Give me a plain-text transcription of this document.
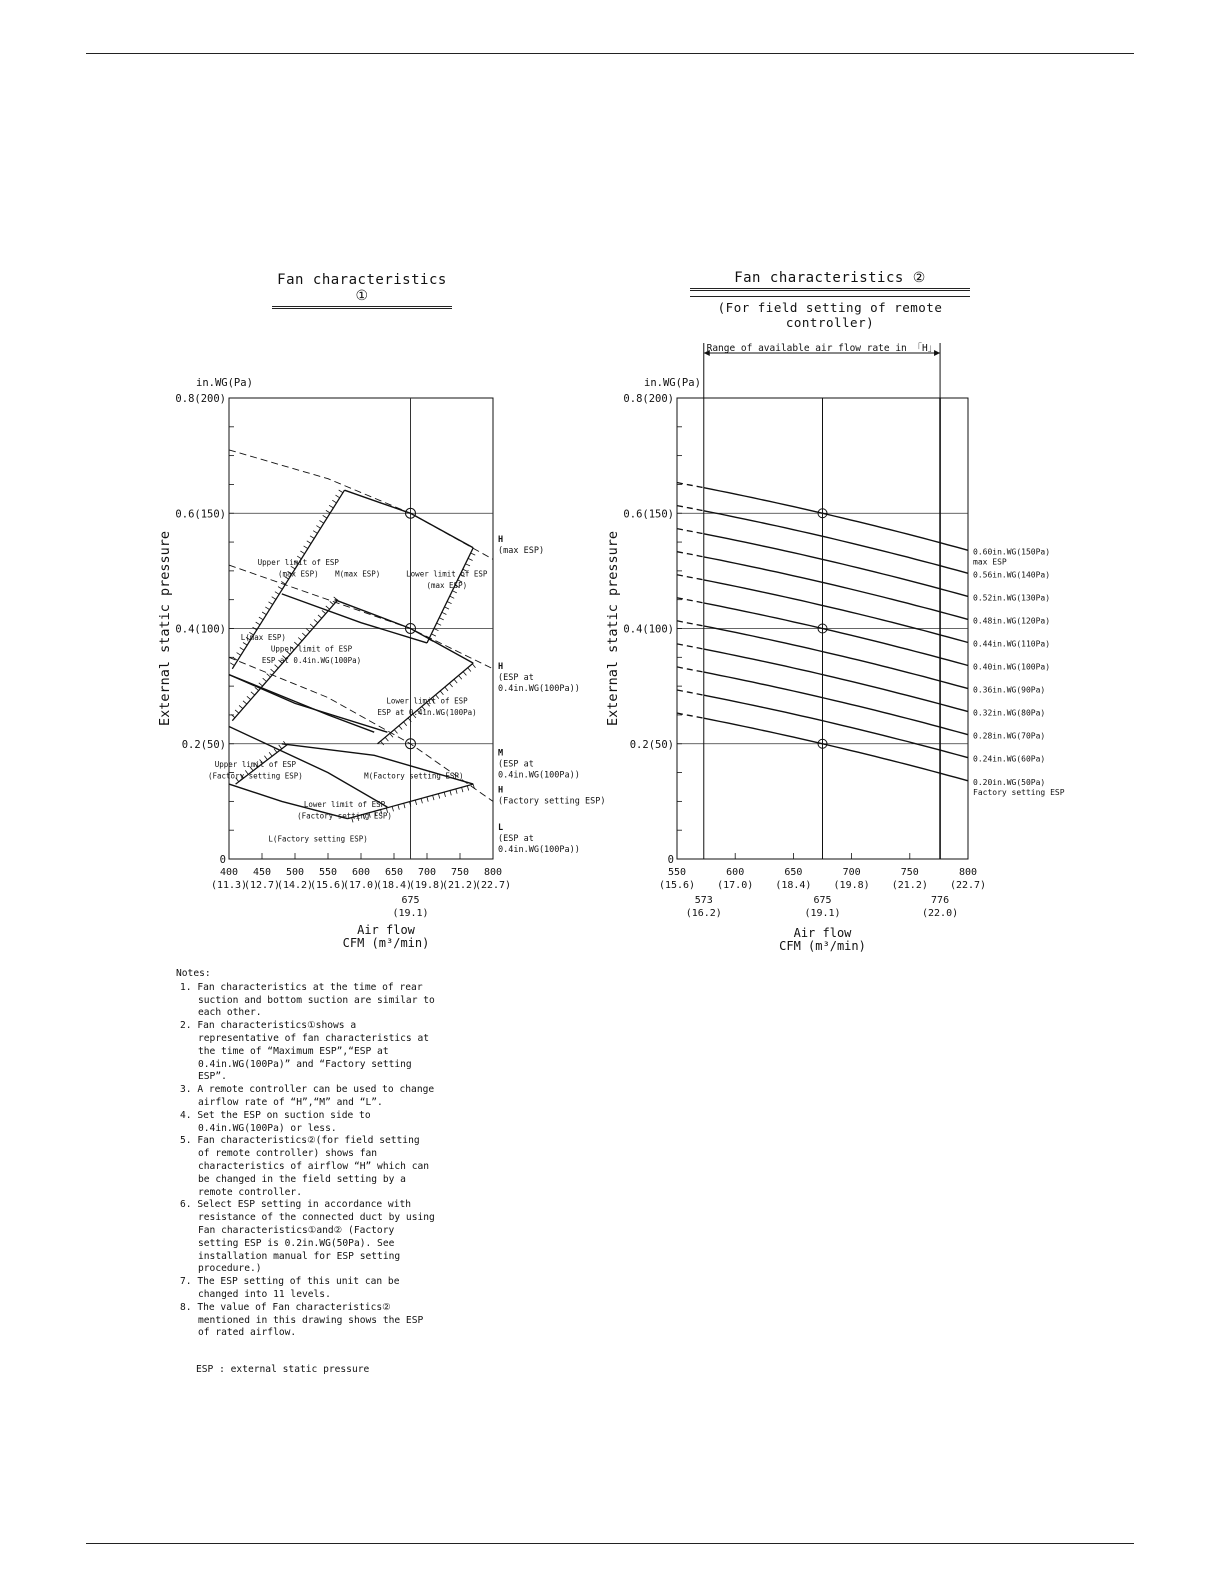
Fan characteristics ①
Fan characteristics ②
(For field setting of remote controller)
0
0.2(50)
0.4(100)
0.6(150)
0.8(200)
400
(11.3)
450
(12.7)
500
(14.2)
550
(15.6)
600
(17.0)
650
(18.4)
700
(19.8)
750
(21.2)
800
(22.7)
in.WG(Pa)
External static pressure
675
(19.1)
M(max ESP)
L(max ESP)
M(Factory setting ESP)
L(Factory setting ESP)
Upper limit of ESP
(max ESP)
Upper limit of ESP
ESP at 0.4in.WG(100Pa)
Upper limit of ESP
(Factory setting ESP)
Lower limit of ESP
(max ESP)
Lower limit of ESP
ESP at 0.4in.WG(100Pa)
Lower limit of ESP
(Factory setting ESP)
H
(max ESP)
H
(ESP at
0.4in.WG(100Pa))
M
(ESP at
0.4in.WG(100Pa))
H
(Factory setting ESP)
L
(ESP at
0.4in.WG(100Pa))
Air flow
CFM (m³/min)
0
0.2(50)
0.4(100)
0.6(150)
0.8(200)
550
(15.6)
600
(17.0)
650
(18.4)
700
(19.8)
750
(21.2)
800
(22.7)
in.WG(Pa)
External static pressure
573
(16.2)
675
(19.1)
776
(22.0)
Range of available air flow rate in 「H」
0.60in.WG(150Pa)
max ESP
0.56in.WG(140Pa)
0.52in.WG(130Pa)
0.48in.WG(120Pa)
0.44in.WG(110Pa)
0.40in.WG(100Pa)
0.36in.WG(90Pa)
0.32in.WG(80Pa)
0.28in.WG(70Pa)
0.24in.WG(60Pa)
0.20in.WG(50Pa)
Factory setting ESP
Air flow
CFM (m³/min)
Notes:
1. Fan characteristics at the time of rear suction and bottom suction are similar to each other.
2. Fan characteristics①shows a representative of fan characteristics at the time of “Maximum ESP”,“ESP at 0.4in.WG(100Pa)” and “Factory setting ESP”.
3. A remote controller can be used to change airflow rate of “H”,“M” and “L”.
4. Set the ESP on suction side to 0.4in.WG(100Pa) or less.
5. Fan characteristics②(for field setting of remote controller) shows fan characteristics of airflow “H” which can be changed in the field setting by a remote controller.
6. Select ESP setting in accordance with resistance of the connected duct by using Fan characteristics①and② (Factory setting ESP is 0.2in.WG(50Pa). See installation manual for ESP setting procedure.)
7. The ESP setting of this unit can be changed into 11 levels.
8. The value of Fan characteristics② mentioned in this drawing shows the ESP of rated airflow.
ESP : external static pressure
